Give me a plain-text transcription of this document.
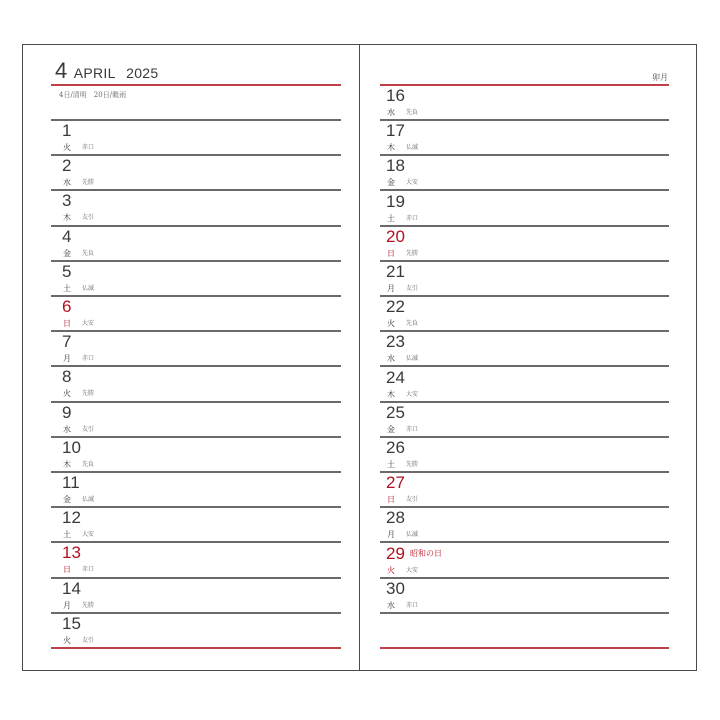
4 APRIL 2025
4日/清明　20日/穀雨
卯月
1
火 赤口
2
水 先勝
3
木 友引
4
金 先負
5
土 仏滅
6
日 大安
7
月 赤口
8
火 先勝
9
水 友引
10
木 先負
11
金 仏滅
12
土 大安
13
日 赤口
14
月 先勝
15
火 友引
16
水 先負
17
木 仏滅
18
金 大安
19
土 赤口
20
日 先勝
21
月 友引
22
火 先負
23
水 仏滅
24
木 大安
25
金 赤口
26
土 先勝
27
日 友引
28
月 仏滅
29
火 大安
昭和の日
30
水 赤口
